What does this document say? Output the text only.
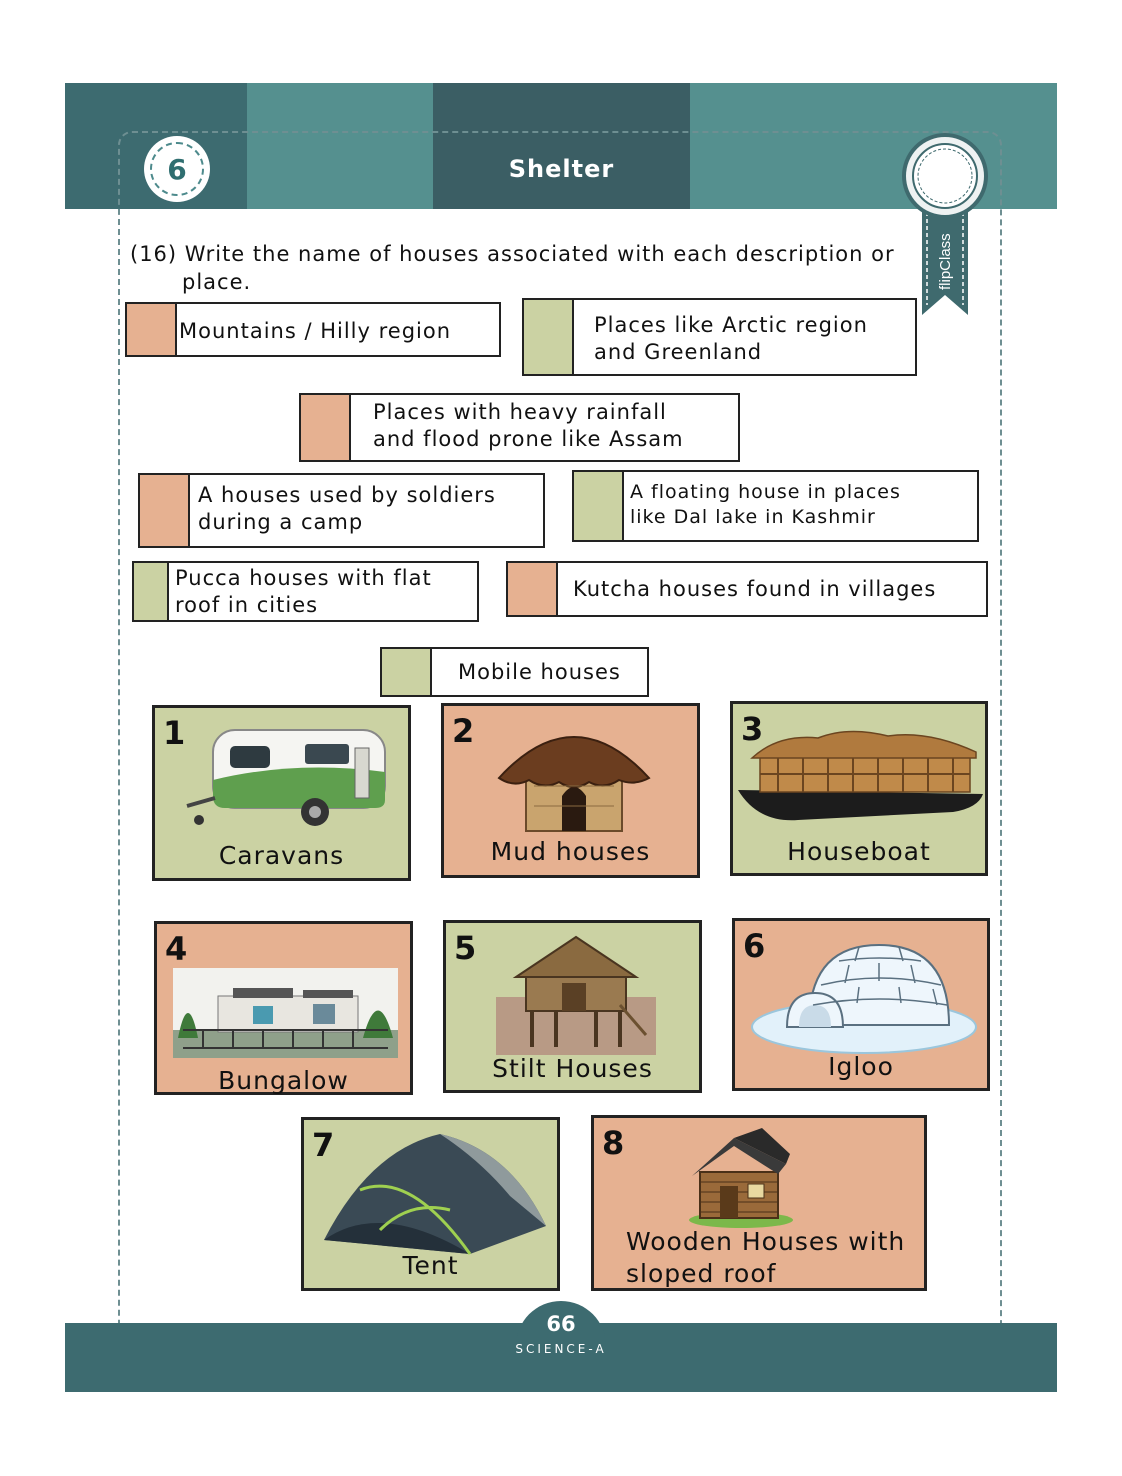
6	Shelter
flipClass
(16) Write the name of houses associated with each description or
place.
Mountains / Hilly region	Places like Arctic region
and Greenland
Places with heavy rainfall
and flood prone like Assam
A houses used by soldiers
during a camp
A floating house in places
like Dal lake in Kashmir
Pucca houses with flat
roof in cities
Kutcha houses found in villages
Mobile houses
1
Caravans
2
Mud houses
3
Houseboat
4
Bungalow
5
Stilt Houses
6
Igloo
7
Tent
8
Wooden Houses with
sloped roof
66
SCIENCE-A
